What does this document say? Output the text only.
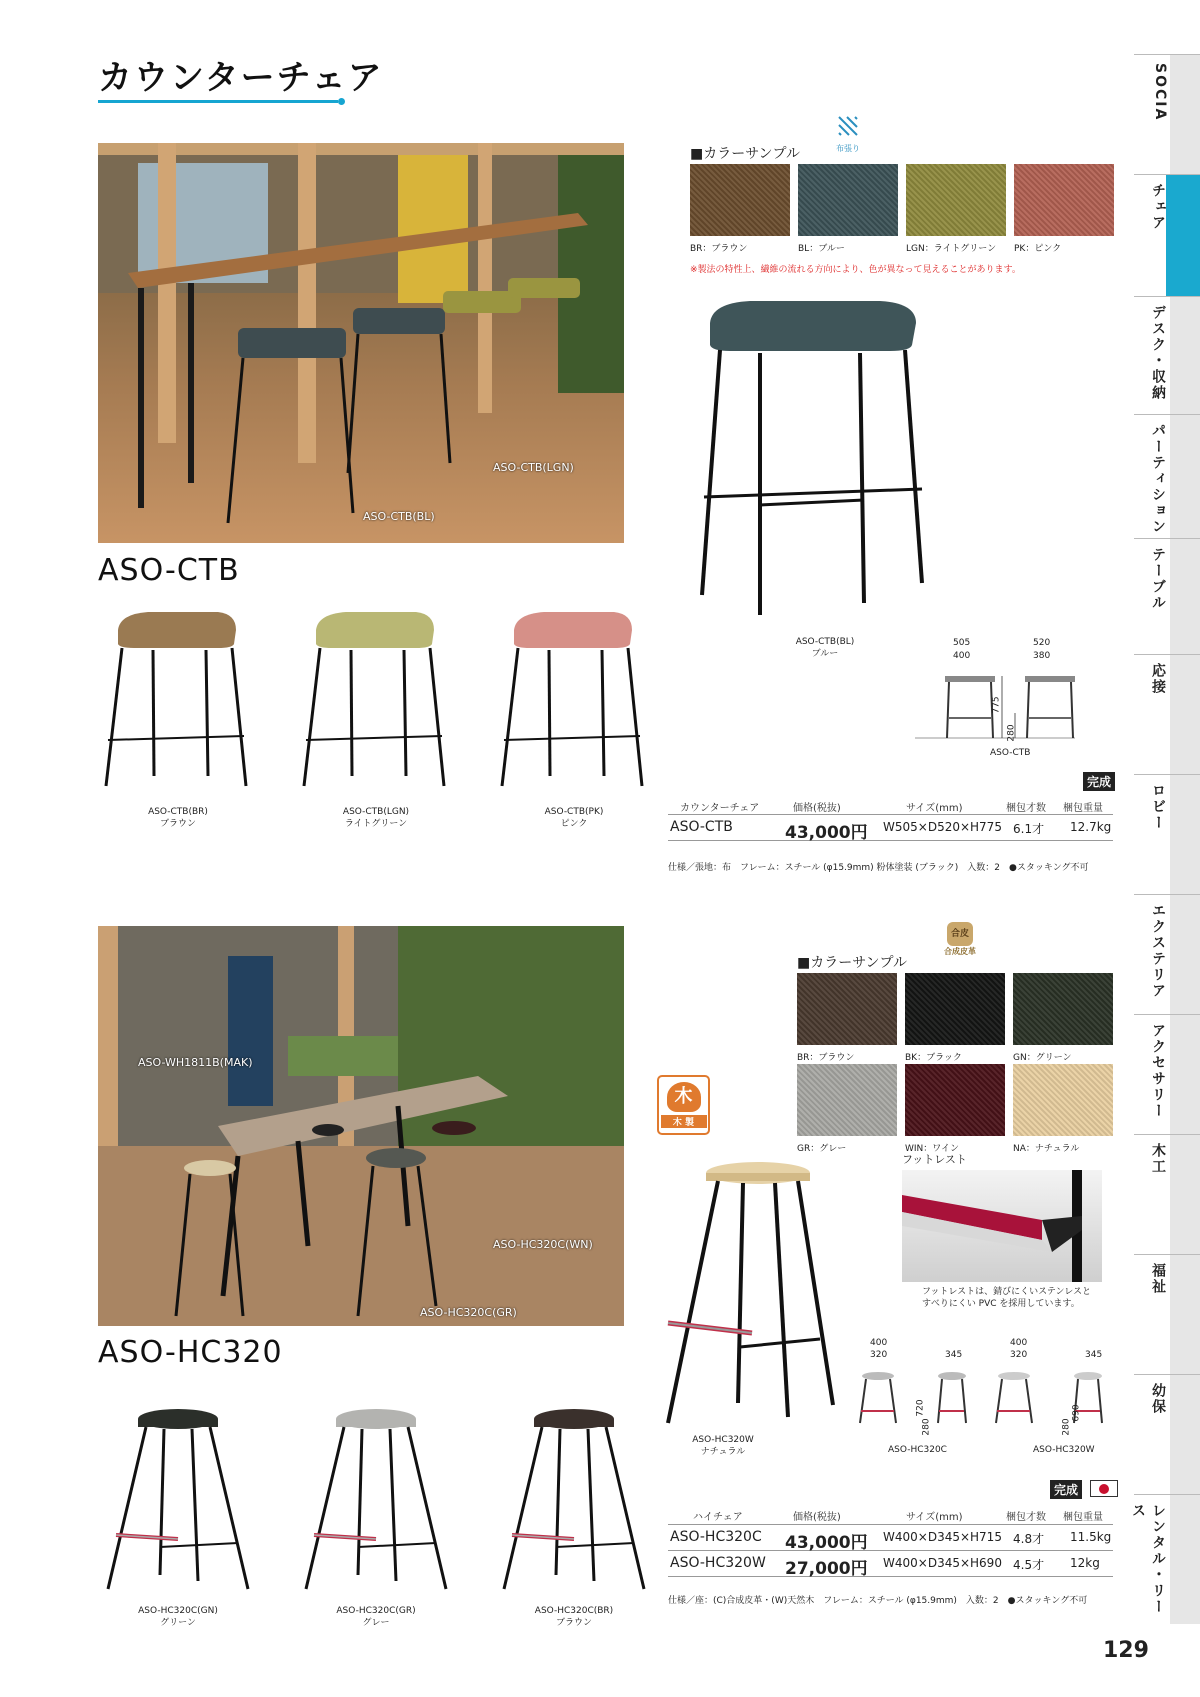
カウンターチェア	SOCIA
チェア
デスク・収納
パーティション
テーブル
応接
ロビー
エクステリア
アクセサリー
木工
福祉
幼保
レンタル・リース
ASO-CTB(LGN)
ASO-CTB(BL)
ASO-CTB
■カラーサンプル	布張り
BR：ブラウン	BL：ブルー	LGN：ライトグリーン PK：ピンク
※製法の特性上、繊維の流れる方向により、色が異なって見えることがあります。
ASO-CTB(BL)
ブルー
505
400
520
380
775
280
ASO-CTB
ASO-CTB(BR)
ブラウン
ASO-CTB(LGN)
ライトグリーン
ASO-CTB(PK)
ピンク
完成
カウンターチェア	価格(税抜)	サイズ(mm)	梱包才数 梱包重量
ASO-CTB	43,000円 W505×D520×H775 6.1才 12.7kg
仕様／張地：布　フレーム：スチール (φ15.9mm) 粉体塗装 (ブラック)　入数：2　●スタッキング不可
ASO-WH1811B(MAK)
ASO-HC320C(WN)
ASO-HC320C(GR)
ASO-HC320
■カラーサンプル
合皮
合成皮革
BR：ブラウン	BK：ブラック	GN：グリーン
GR：グレー	WIN：ワイン	NA：ナチュラル
木
木 製
ASO-HC320W
ナチュラル
フットレスト
フットレストは、錆びにくいステンレスと すべりにくい PVC を採用しています。
400
320	345
720
280
ASO-HC320C
400
320	345
690
280
ASO-HC320W
ASO-HC320C(GN)
グリーン
ASO-HC320C(GR)
グレー
ASO-HC320C(BR)
ブラウン
完成
ハイチェア	価格(税抜)	サイズ(mm)	梱包才数 梱包重量
ASO-HC320C 43,000円 W400×D345×H715 4.8才 11.5kg
ASO-HC320W 27,000円 W400×D345×H690 4.5才 12kg
仕様／座：(C)合成皮革・(W)天然木　フレーム：スチール (φ15.9mm)　入数：2　●スタッキング不可
129
